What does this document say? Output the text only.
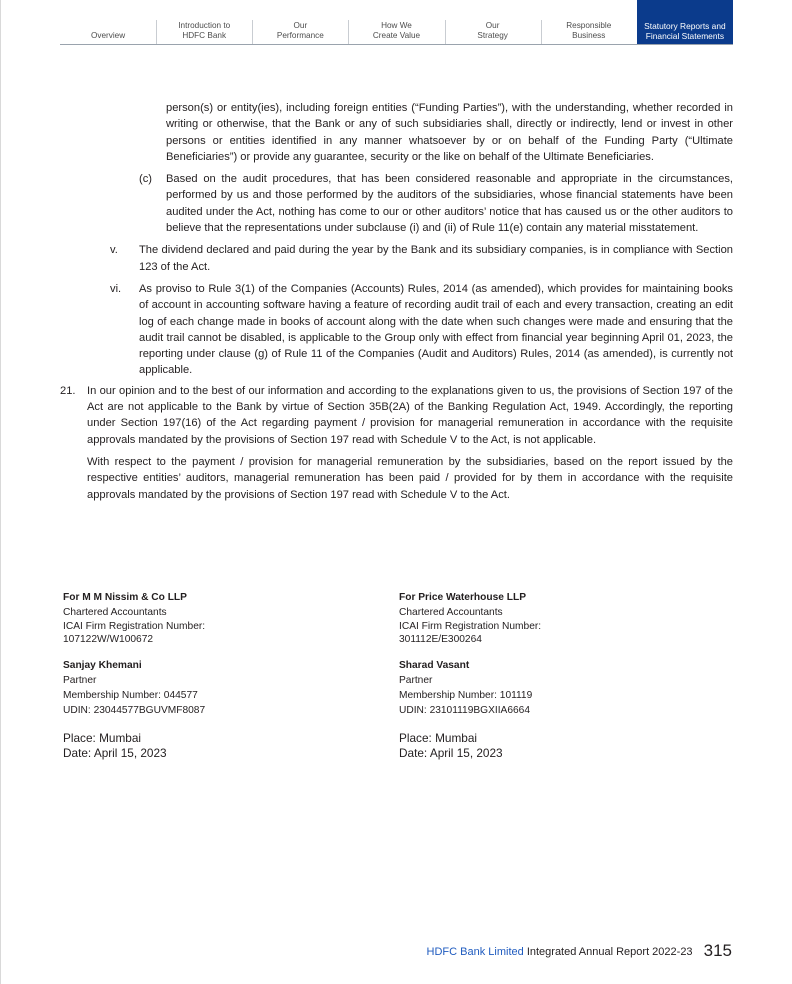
Overview
Introduction to
HDFC Bank
Our
Performance
How We
Create Value
Our
Strategy
Responsible
Business
Statutory Reports and
Financial Statements

person(s) or entity(ies), including foreign entities (“Funding Parties”), with the understanding, whether recorded in writing or otherwise, that the Bank or any of such subsidiaries shall, directly or indirectly, lend or invest in other persons or entities identified in any manner whatsoever by or on behalf of the Funding Party (“Ultimate Beneficiaries”) or provide any guarantee, security or the like on behalf of the Ultimate Beneficiaries.

(c) Based on the audit procedures, that has been considered reasonable and appropriate in the circumstances, performed by us and those performed by the auditors of the subsidiaries, whose financial statements have been audited under the Act, nothing has come to our or other auditors’ notice that has caused us or the other auditors to believe that the representations under subclause (i) and (ii) of Rule 11(e) contain any material misstatement.
v. The dividend declared and paid during the year by the Bank and its subsidiary companies, is in compliance with Section 123 of the Act.
vi. As proviso to Rule 3(1) of the Companies (Accounts) Rules, 2014 (as amended), which provides for maintaining books of account in accounting software having a feature of recording audit trail of each and every transaction, creating an edit log of each change made in books of account along with the date when such changes were made and ensuring that the audit trail cannot be disabled, is applicable to the Group only with effect from financial year beginning April 01, 2023, the reporting under clause (g) of Rule 11 of the Companies (Audit and Auditors) Rules, 2014 (as amended), is currently not applicable.
21. In our opinion and to the best of our information and according to the explanations given to us, the provisions of Section 197 of the Act are not applicable to the Bank by virtue of Section 35B(2A) of the Banking Regulation Act, 1949. Accordingly, the reporting under Section 197(16) of the Act regarding payment / provision for managerial remuneration in accordance with the requisite approvals mandated by the provisions of Section 197 read with Schedule V to the Act, is not applicable.

With respect to the payment / provision for managerial remuneration by the subsidiaries, based on the report issued by the respective entities’ auditors, managerial remuneration has been paid / provided for by them in accordance with the requisite approvals mandated by the provisions of Section 197 read with Schedule V to the Act.

For M M Nissim & Co LLP
Chartered Accountants
ICAI Firm Registration Number:
107122W/W100672
Sanjay Khemani
Partner
Membership Number: 044577
UDIN: 23044577BGUVMF8087
Place: Mumbai
Date: April 15, 2023
For Price Waterhouse LLP
Chartered Accountants
ICAI Firm Registration Number:
301112E/E300264
Sharad Vasant
Partner
Membership Number: 101119
UDIN: 23101119BGXIIA6664
Place: Mumbai
Date: April 15, 2023
HDFC Bank Limited Integrated Annual Report 2022-23 315
